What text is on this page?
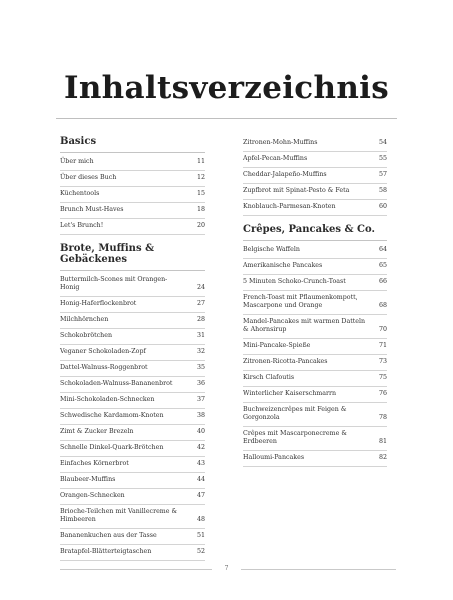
Inhaltsverzeichnis
Basics
Über mich	11
Über dieses Buch	12
Küchentools	15
Brunch Must-Haves	18
Let's Brunch!	20
Brote, Muffins & Gebäckenes
Buttermilch-Scones mit Orangen-Honig	24
Honig-Haferflockenbrot	27
Milchhörnchen	28
Schokobrötchen	31
Veganer Schokoladen-Zopf	32
Dattel-Walnuss-Roggenbrot	35
Schokoladen-Walnuss-Bananenbrot	36
Mini-Schokoladen-Schnecken	37
Schwedische Kardamom-Knoten	38
Zimt & Zucker Brezeln	40
Schnelle Dinkel-Quark-Brötchen	42
Einfaches Körnerbrot	43
Blaubeer-Muffins	44
Orangen-Schnecken	47
Brioche-Teilchen mit Vanillecreme & Himbeeren	48
Bananenkuchen aus der Tasse	51
Bratapfel-Blätterteigtaschen	52
Zitronen-Mohn-Muffins	54
Apfel-Pecan-Muffins	55
Cheddar-Jalapeño-Muffins	57
Zupfbrot mit Spinat-Pesto & Feta	58
Knoblauch-Parmesan-Knoten	60
Crêpes, Pancakes & Co.
Belgische Waffeln	64
Amerikanische Pancakes	65
5 Minuten Schoko-Crunch-Toast	66
French-Toast mit Pflaumenkompott, Mascarpone und Orange	68
Mandel-Pancakes mit warmen Datteln & Ahornsirup	70
Mini-Pancake-Spieße	71
Zitronen-Ricotta-Pancakes	73
Kirsch Clafoutis	75
Winterlicher Kaiserschmarrn	76
Buchweizencrêpes mit Feigen & Gorgonzola	78
Crêpes mit Mascarponecreme & Erdbeeren	81
Halloumi-Pancakes	82
7
